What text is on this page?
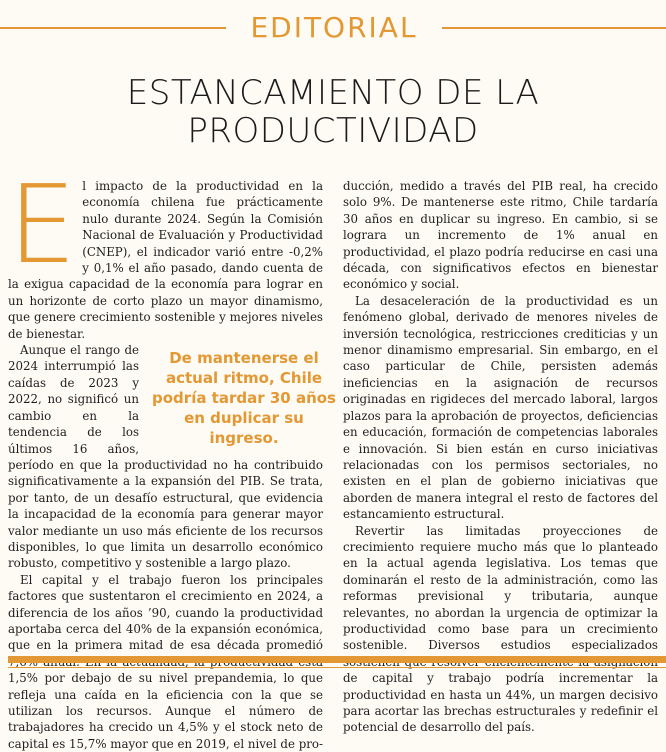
EDITORIAL
ESTANCAMIENTO DE LA
PRODUCTIVIDAD
E l impacto de la productividad en la economía chilena fue prácticamente nulo durante 2024. Según la Comisión Nacional de Evaluación y Productividad (CNEP), el indicador varió entre -0,2% y 0,1% el año pasado, dando cuenta de la exigua capacidad de la economía para lograr en un horizonte de corto plazo un mayor dinamismo, que genere crecimiento sostenible y mejores niveles de bienestar.

De mantenerse el actual ritmo, Chile podría tardar 30 años en duplicar su ingreso.

Aunque el rango de 2024 interrumpió las caídas de 2023 y 2022, no significó un cambio en la tendencia de los últimos 16 años, período en que la productividad no ha contribuido significativamente a la expansión del PIB. Se trata, por tanto, de un desafío estructural, que evidencia la incapacidad de la economía para generar mayor valor mediante un uso más eficiente de los recursos disponibles, lo que limita un desarrollo económico robusto, competitivo y sostenible a largo plazo.

El capital y el trabajo fueron los principales factores que sustentaron el crecimiento en 2024, a diferencia de los años ’90, cuando la productividad aportaba cerca del 40% de la expansión económica, que en la primera mitad de esa década promedió 1,5% por debajo de su nivel prepandemia, lo que refleja una caída en la eficiencia con la que se utilizan los recursos. Aunque el número de trabajadores ha crecido un 4,5% y el stock neto de capital es 15,7% mayor que en 2019, el nivel de pro-

ducción, medido a través del PIB real, ha crecido solo 9%. De mantenerse este ritmo, Chile tardaría 30 años en duplicar su ingreso. En cambio, si se lograra un incremento de 1% anual en productividad, el plazo podría reducirse en casi una década, con significativos efectos en bienestar económico y social.

La desaceleración de la productividad es un fenómeno global, derivado de menores niveles de inversión tecnológica, restricciones crediticias y un menor dinamismo empresarial. Sin embargo, en el caso particular de Chile, persisten además ineficiencias en la asignación de recursos originadas en rigideces del mercado laboral, largos plazos para la aprobación de proyectos, deficiencias en educación, formación de competencias laborales e innovación. Si bien están en curso iniciativas relacionadas con los permisos sectoriales, no existen en el plan de gobierno iniciativas que aborden de manera integral el resto de factores del estancamiento estructural.

Revertir las limitadas proyecciones de crecimiento requiere mucho más que lo planteado en la actual agenda legislativa. Los temas que dominarán el resto de la administración, como las reformas previsional y tributaria, aunque relevantes, no abordan la urgencia de optimizar la productividad como base para un crecimiento sostenible. Diversos estudios especializados de capital y trabajo podría incrementar la productividad en hasta un 44%, un margen decisivo para acortar las brechas estructurales y redefinir el potencial de desarrollo del país.
